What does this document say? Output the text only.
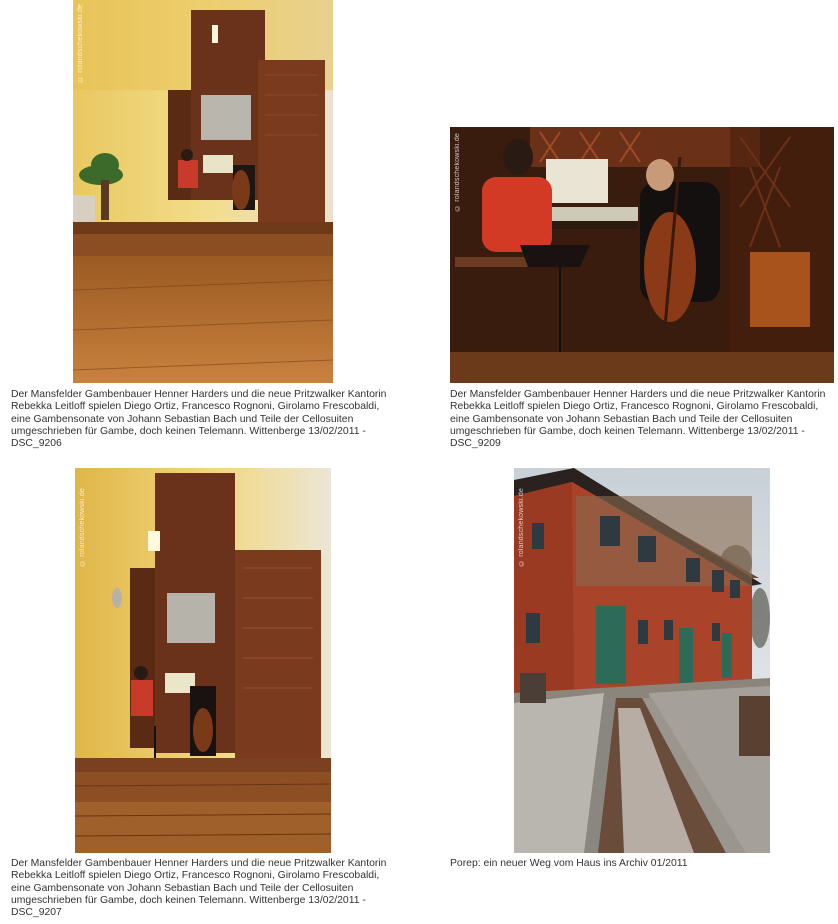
© rolandschekowski.de

Der Mansfelder Gambenbauer Henner Harders und die neue Pritzwalker Kantorin Rebekka Leitloff spielen Diego Ortiz, Francesco Rognoni, Girolamo Frescobaldi, eine Gambensonate von Johann Sebastian Bach und Teile der Cellosuiten umgeschrieben für Gambe, doch keinen Telemann. Wittenberge 13/02/2011 - DSC_9206

© rolandschekowski.de

Der Mansfelder Gambenbauer Henner Harders und die neue Pritzwalker Kantorin Rebekka Leitloff spielen Diego Ortiz, Francesco Rognoni, Girolamo Frescobaldi, eine Gambensonate von Johann Sebastian Bach und Teile der Cellosuiten umgeschrieben für Gambe, doch keinen Telemann. Wittenberge 13/02/2011 - DSC_9209

© rolandschekowski.de

Der Mansfelder Gambenbauer Henner Harders und die neue Pritzwalker Kantorin Rebekka Leitloff spielen Diego Ortiz, Francesco Rognoni, Girolamo Frescobaldi, eine Gambensonate von Johann Sebastian Bach und Teile der Cellosuiten umgeschrieben für Gambe, doch keinen Telemann. Wittenberge 13/02/2011 - DSC_9207

© rolandschekowski.de

Porep: ein neuer Weg vom Haus ins Archiv 01/2011
